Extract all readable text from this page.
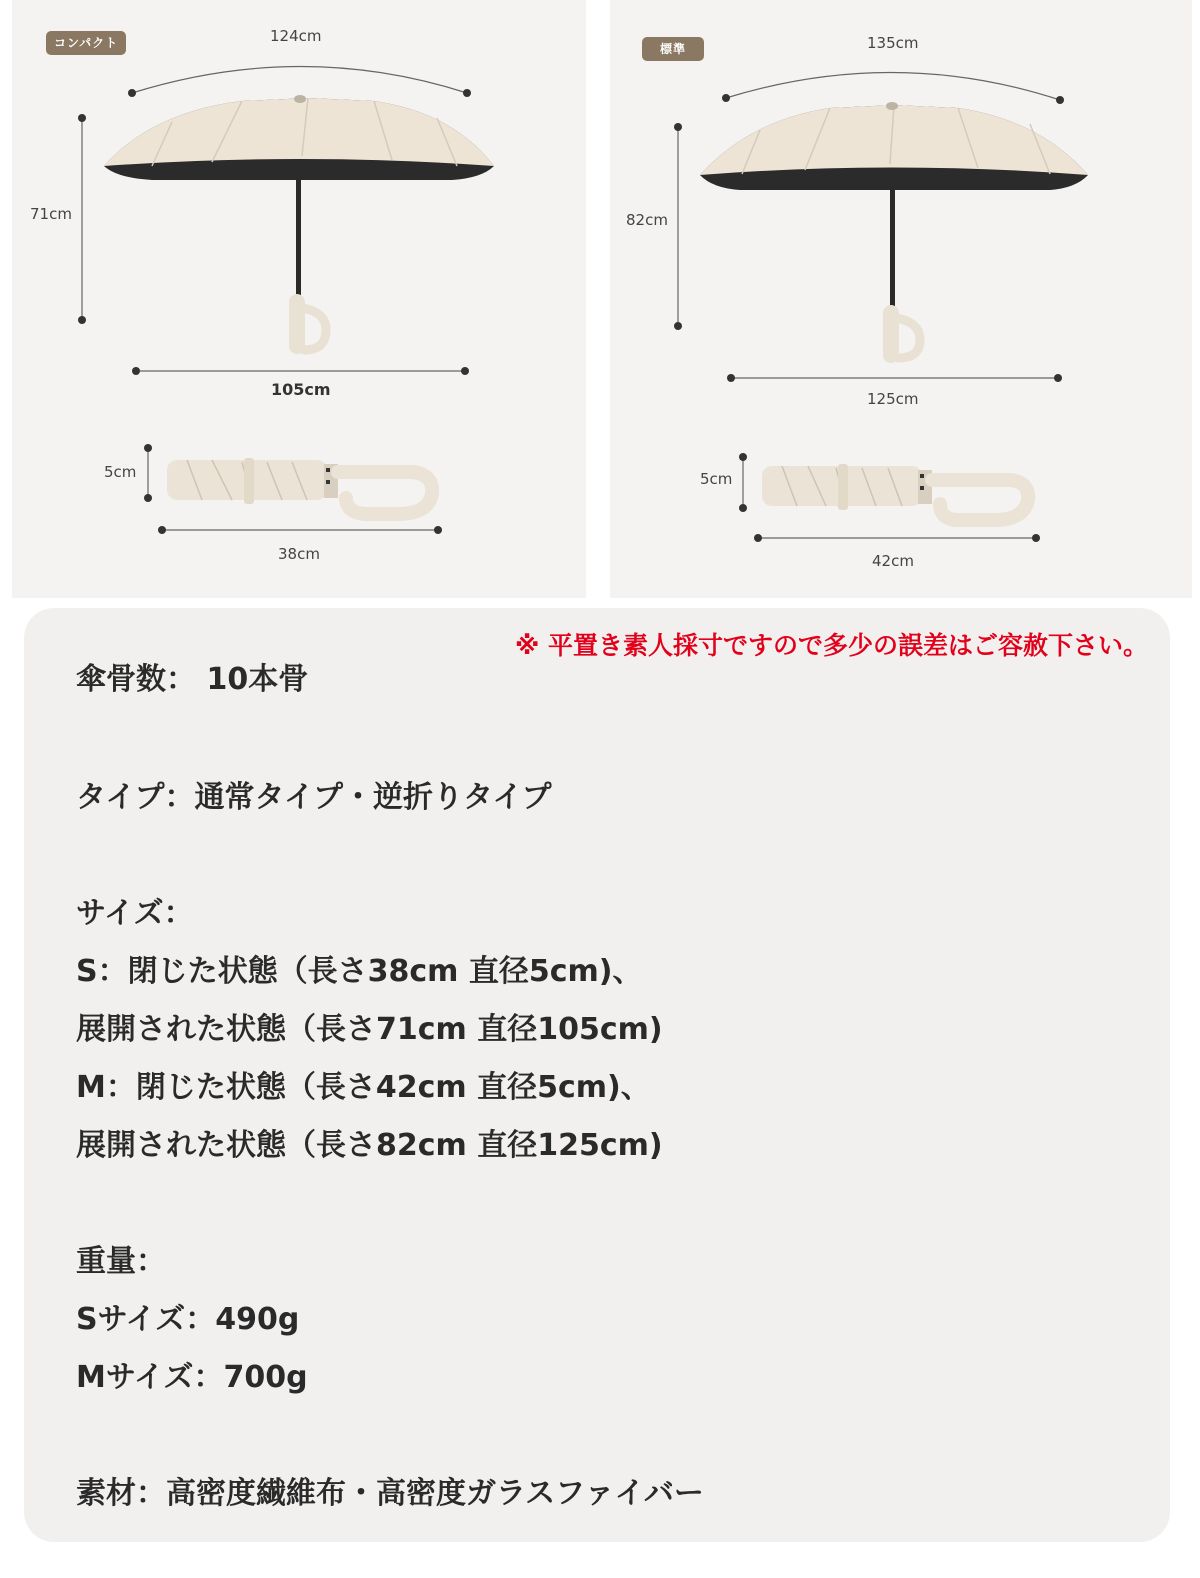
コンパクト	124cm
71cm
105cm
5cm
38cm
標準	135cm
82cm
125cm
5cm
42cm
※ 平置き素人採寸ですので多少の誤差はご容赦下さい。
傘骨数： 10本骨
タイプ：通常タイプ・逆折りタイプ
サイズ：
S：閉じた状態（長さ38cm 直径5cm)、
展開された状態（長さ71cm 直径105cm)
M：閉じた状態（長さ42cm 直径5cm)、
展開された状態（長さ82cm 直径125cm)
重量：
Sサイズ：490g
Mサイズ：700g
素材：高密度繊維布・高密度ガラスファイバー
